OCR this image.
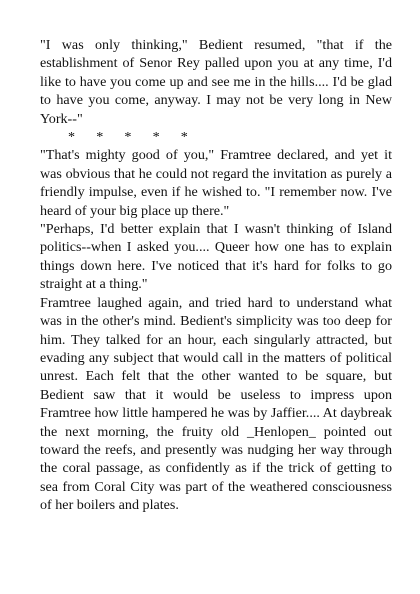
"I was only thinking," Bedient resumed, "that if the establishment of Senor Rey palled upon you at any time, I'd like to have you come up and see me in the hills.... I'd be glad to have you come, anyway. I may not be very long in New York--"

*      *      *      *      *

"That's mighty good of you," Framtree declared, and yet it was obvious that he could not regard the invitation as purely a friendly impulse, even if he wished to. "I remember now. I've heard of your big place up there."

"Perhaps, I'd better explain that I wasn't thinking of Island politics--when I asked you.... Queer how one has to explain things down here. I've noticed that it's hard for folks to go straight at a thing."

Framtree laughed again, and tried hard to understand what was in the other's mind. Bedient's simplicity was too deep for him. They talked for an hour, each singularly attracted, but evading any subject that would call in the matters of political unrest. Each felt that the other wanted to be square, but Bedient saw that it would be useless to impress upon Framtree how little hampered he was by Jaffier.... At daybreak the next morning, the fruity old _Henlopen_ pointed out toward the reefs, and presently was nudging her way through the coral passage, as confidently as if the trick of getting to sea from Coral City was part of the weathered consciousness of her boilers and plates.
